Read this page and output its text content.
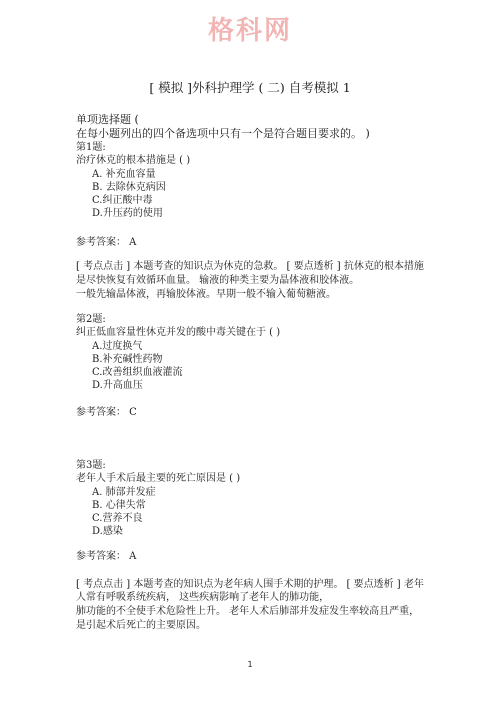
格科网
[ 模拟 ]外科护理学 ( 二) 自考模拟 1
单项选择题 (
在每小题列出的四个备选项中只有一个是符合题目要求的。 )
第1题:
治疗休克的根本措施是 ( )
A. 补充血容量
B. 去除休克病因
C.纠正酸中毒
D.升压药的使用
参考答案： A
[ 考点点击 ] 本题考查的知识点为休克的急救。 [ 要点透析 ] 抗休克的根本措施
是尽快恢复有效循环血量。 输液的种类主要为晶体液和胶体液。
一般先输晶体液，再输胶体液。早期一般不输入葡萄糖液。
第2题:
纠正低血容量性休克并发的酸中毒关键在于 ( )
A.过度换气
B.补充碱性药物
C.改善组织血液灌流
D.升高血压
参考答案： C
第3题:
老年人手术后最主要的死亡原因是 ( )
A. 肺部并发症
B. 心律失常
C.营养不良
D.感染
参考答案： A
[ 考点点击 ] 本题考查的知识点为老年病人围手术期的护理。 [ 要点透析 ] 老年
人常有呼吸系统疾病， 这些疾病影响了老年人的肺功能，
肺功能的不全使手术危险性上升。 老年人术后肺部并发症发生率较高且严重，
是引起术后死亡的主要原因。
1
